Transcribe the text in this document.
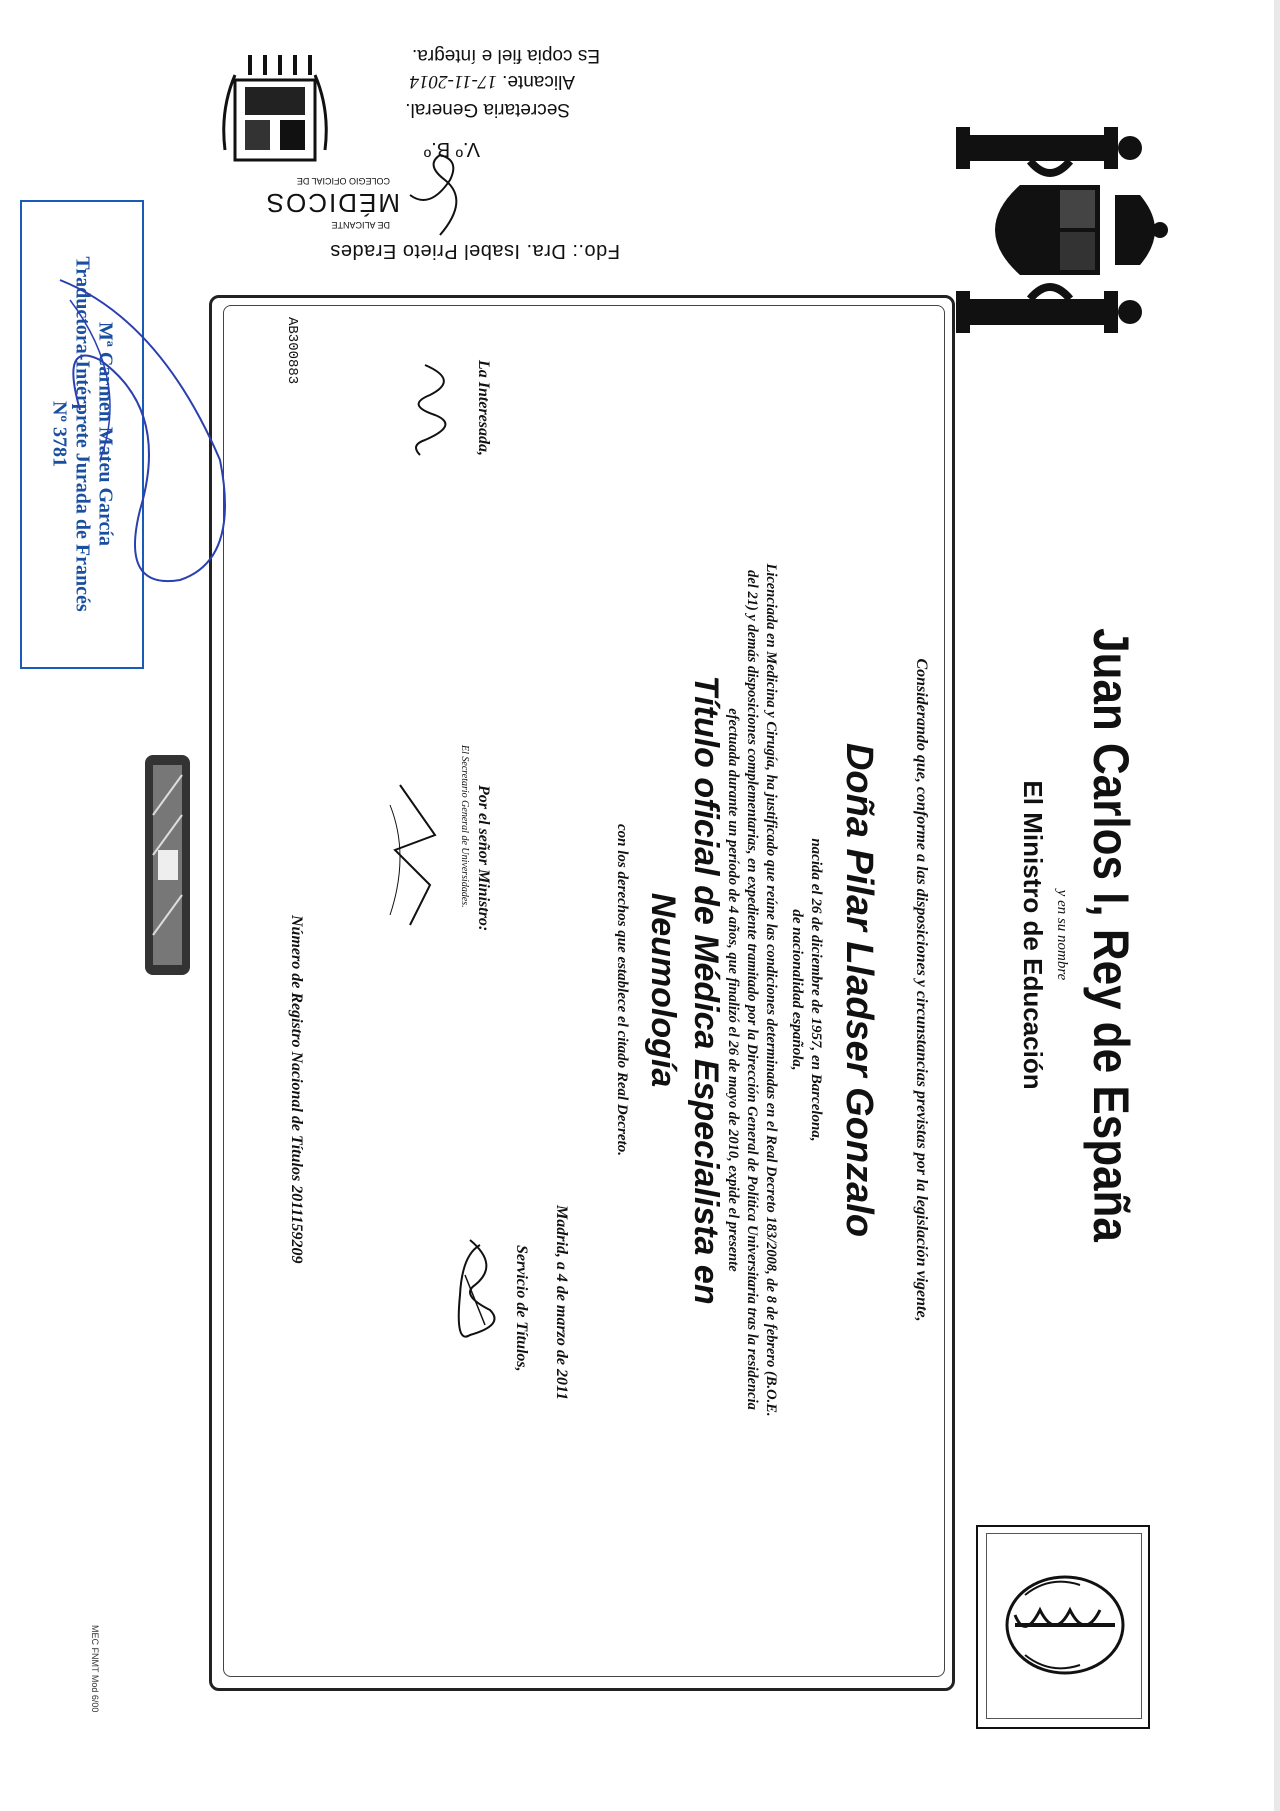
Juan Carlos I, Rey de España
y en su nombre
El Ministro de Educación
Considerando que, conforme a las disposiciones y circunstancias previstas por la legislación vigente,
Doña Pilar Lladser Gonzalo
nacida el 26 de diciembre de 1957, en Barcelona,
de nacionalidad española,
Licenciada en Medicina y Cirugía, ha justificado que reúne las condiciones determinadas en el Real Decreto 183/2008, de 8 de febrero (B.O.E.
del 21) y demás disposiciones complementarias, en expediente tramitado por la Dirección General de Política Universitaria tras la residencia
efectuada durante un período de 4 años, que finalizó el 26 de mayo de 2010, expide el presente
Título oficial de Médica Especialista en
Neumología
con los derechos que establece el citado Real Decreto.
Madrid, a 4 de marzo de 2011
Servicio de Títulos,
Por el señor Ministro:
El Secretario General de Universidades.
La Interesada,
Número de Registro Nacional de Títulos 2011159209
AB300883
MEC FNMT Mod 6/00
Fdo.: Dra. Isabel Prieto Erades
DE ALICANTE
MÉDICOS
COLEGIO OFICIAL DE
V.º B.º
Secretaria General.
Alicante. 17-11-2014
Es copia fiel e íntegra.
Mª Carmen Mateu García
Traductora-Intérprete Jurada de Francés
Nº 3781
